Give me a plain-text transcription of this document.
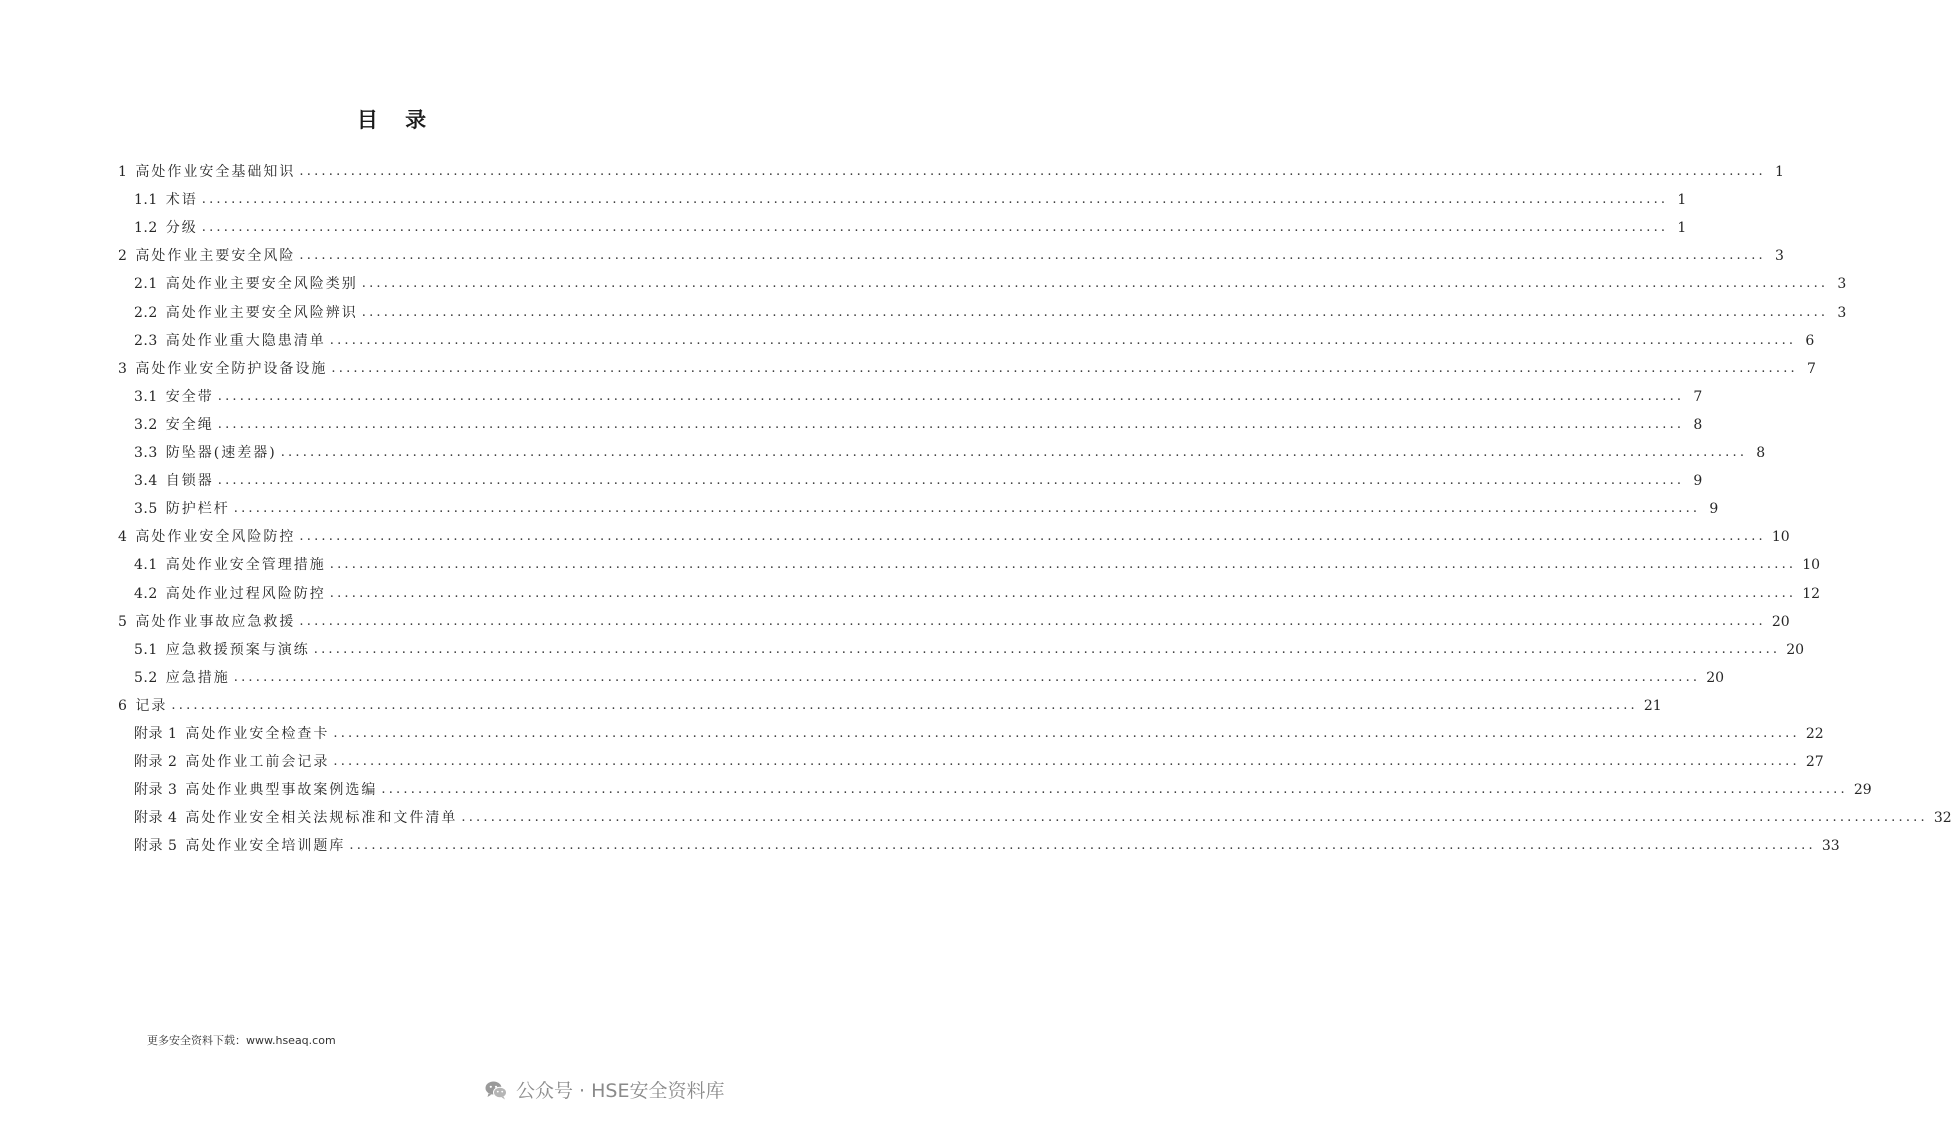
目 录
1 高处作业安全基础知识 ........................................................................................................................................................................................................ 1
1.1 术语 ........................................................................................................................................................................................................ 1
1.2 分级 ........................................................................................................................................................................................................ 1
2 高处作业主要安全风险 ........................................................................................................................................................................................................ 3
2.1 高处作业主要安全风险类别 ........................................................................................................................................................................................................ 3
2.2 高处作业主要安全风险辨识 ........................................................................................................................................................................................................ 3
2.3 高处作业重大隐患清单 ........................................................................................................................................................................................................ 6
3 高处作业安全防护设备设施 ........................................................................................................................................................................................................ 7
3.1 安全带 ........................................................................................................................................................................................................ 7
3.2 安全绳 ........................................................................................................................................................................................................ 8
3.3 防坠器(速差器) ........................................................................................................................................................................................................ 8
3.4 自锁器 ........................................................................................................................................................................................................ 9
3.5 防护栏杆 ........................................................................................................................................................................................................ 9
4 高处作业安全风险防控 ........................................................................................................................................................................................................ 10
4.1 高处作业安全管理措施 ........................................................................................................................................................................................................ 10
4.2 高处作业过程风险防控 ........................................................................................................................................................................................................ 12
5 高处作业事故应急救援 ........................................................................................................................................................................................................ 20
5.1 应急救援预案与演练 ........................................................................................................................................................................................................ 20
5.2 应急措施 ........................................................................................................................................................................................................ 20
6 记录 ........................................................................................................................................................................................................ 21
附录 1 高处作业安全检查卡 ........................................................................................................................................................................................................ 22
附录 2 高处作业工前会记录 ........................................................................................................................................................................................................ 27
附录 3 高处作业典型事故案例选编 ........................................................................................................................................................................................................ 29
附录 4 高处作业安全相关法规标准和文件清单 ........................................................................................................................................................................................................ 32
附录 5 高处作业安全培训题库 ........................................................................................................................................................................................................ 33
更多安全资料下载：www.hseaq.com
公众号 · HSE安全资料库
